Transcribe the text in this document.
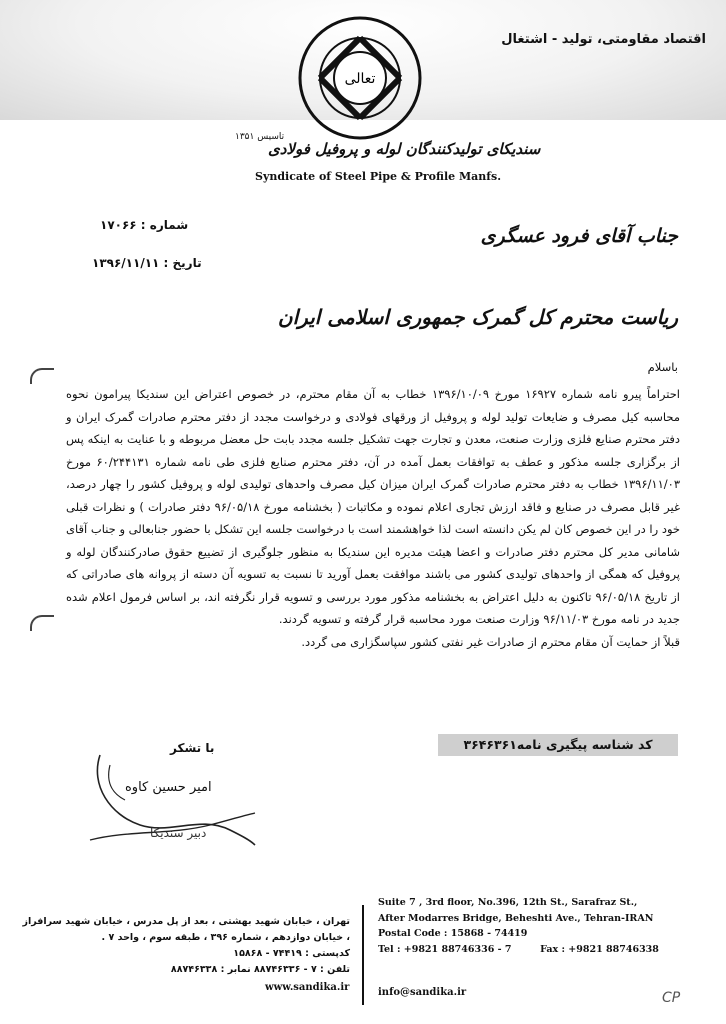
اقتصاد مقاومتی، تولید - اشتغال
تعالی
تاسیس ۱۳۵۱
سندیکای تولیدکنندگان لوله و پروفیل فولادی
Syndicate of Steel Pipe & Profile Manfs.
شماره : ۱۷۰۶۶
تاریخ : ۱۳۹۶/۱۱/۱۱
جناب آقای فرود عسگری
ریاست محترم کل گمرک جمهوری اسلامی ایران
باسلام

احتراماً پیرو نامه شماره ۱۶۹۲۷ مورخ ۱۳۹۶/۱۰/۰۹ خطاب به آن مقام محترم، در خصوص اعتراض این سندیکا پیرامون نحوه محاسبه کیل مصرف و ضایعات تولید لوله و پروفیل از ورقهای فولادی و درخواست مجدد از دفتر محترم صادرات گمرک ایران و دفتر محترم صنایع فلزی وزارت صنعت، معدن و تجارت جهت تشکیل جلسه مجدد بابت حل معضل مربوطه و با عنایت به اینکه پس از برگزاری جلسه مذکور و عطف به توافقات بعمل آمده در آن، دفتر محترم صنایع فلزی طی نامه شماره ۶۰/۲۴۴۱۳۱ مورخ ۱۳۹۶/۱۱/۰۳ خطاب به دفتر محترم صادرات گمرک ایران میزان کیل مصرف واحدهای تولیدی لوله و پروفیل کشور را چهار درصد، غیر قابل مصرف در صنایع و فاقد ارزش تجاری اعلام نموده و مکاتبات ( بخشنامه مورخ ۹۶/۰۵/۱۸ دفتر صادرات ) و نظرات قبلی خود را در این خصوص کان لم یکن دانسته است لذا خواهشمند است با درخواست جلسه این تشکل با حضور جنابعالی و جناب آقای شامانی مدیر کل محترم دفتر صادرات و اعضا هیئت مدیره این سندیکا به منظور جلوگیری از تضییع حقوق صادرکنندگان لوله و پروفیل که همگی از واحدهای تولیدی کشور می باشند موافقت بعمل آورید تا نسبت به تسویه آن دسته از پروانه های صادراتی که از تاریخ ۹۶/۰۵/۱۸ تاکنون به دلیل اعتراض به بخشنامه مذکور مورد بررسی و تسویه قرار نگرفته اند، بر اساس فرمول اعلام شده جدید در نامه مورخ ۹۶/۱۱/۰۳ وزارت صنعت مورد محاسبه قرار گرفته و تسویه گردند.

قبلاً از حمایت آن مقام محترم از صادرات غیر نفتی کشور سپاسگزاری می گردد.

کد شناسه پیگیری نامه۳۶۴۶۳۶۱
با تشکر
امیر حسین کاوه
دبیر سندیکا
تهران ، خیابان شهید بهشتی ، بعد از پل مدرس ، خیابان شهید سرافراز ، خیابان دوازدهم ، شماره ۳۹۶ ، طبقه سوم ، واحد ۷ .
کدپستی : ۷۴۴۱۹ - ۱۵۸۶۸
تلفن : ۷ - ۸۸۷۴۶۳۳۶ نمابر : ۸۸۷۴۶۳۳۸
www.sandika.ir
Suite 7 , 3rd floor, No.396, 12th St., Sarafraz St.,
After Modarres Bridge, Beheshti Ave., Tehran-IRAN
Postal Code : 15868 - 74419
Tel : +9821 88746336 - 7	Fax : +9821 88746338
info@sandika.ir	CP
